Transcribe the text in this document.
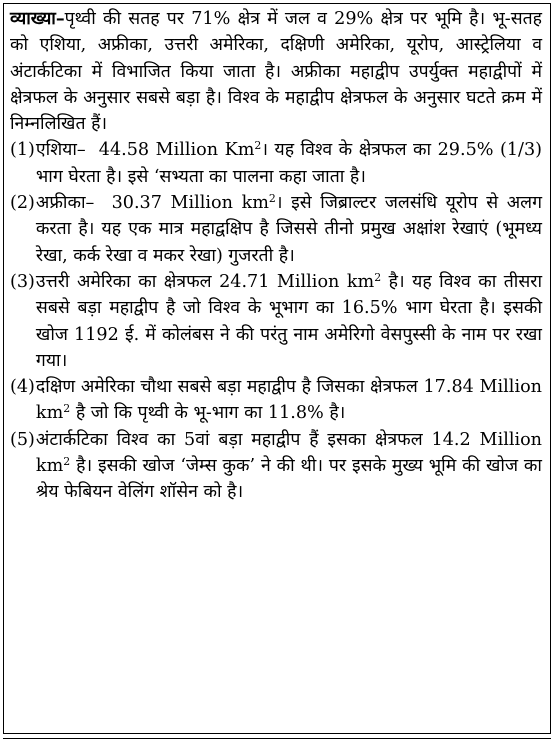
व्याख्या–पृथ्वी की सतह पर 71% क्षेत्र में जल व 29% क्षेत्र पर भूमि है। भू-सतह को एशिया, अफ्रीका, उत्तरी अमेरिका, दक्षिणी अमेरिका, यूरोप, आस्ट्रेलिया व अंटार्कटिका में विभाजित किया जाता है। अफ्रीका महाद्वीप उपर्युक्त महाद्वीपों में क्षेत्रफल के अनुसार सबसे बड़ा है। विश्व के महाद्वीप क्षेत्रफल के अनुसार घटते क्रम में निम्नलिखित हैं।
(1) एशिया– 44.58 Million Km$^2$। यह विश्व के क्षेत्रफल का 29.5% (1/3) भाग घेरता है। इसे ‘सभ्यता का पालना कहा जाता है।
(2) अफ्रीका– 30.37 Million $km^2।$ इसे जिब्राल्टर जलसंधि यूरोप से अलग करता है। यह एक मात्र महाद्वक्षिप है जिससे तीनो प्रमुख अक्षांश रेखाएं (भूमध्य रेखा, कर्क रेखा व मकर रेखा) गुजरती है।
(3) उत्तरी अमेरिका का क्षेत्रफल 24.71 Million $km^2$ है। यह विश्व का तीसरा सबसे बड़ा महाद्वीप है जो विश्व के भूभाग का 16.5% भाग घेरता है। इसकी खोज 1192 ई. में कोलंबस ने की परंतु नाम अमेरिगो वेसपुस्सी के नाम पर रखा गया।
(4) दक्षिण अमेरिका चौथा सबसे बड़ा महाद्वीप है जिसका क्षेत्रफल 17.84 Million $km^2$ है जो कि पृथ्वी के भू-भाग का 11.8% है।
(5) अंटार्कटिका विश्व का 5वां बड़ा महाद्वीप हैं इसका क्षेत्रफल 14.2 Million $km^2$ है। इसकी खोज ‘जेम्स कुक’ ने की थी। पर इसके मुख्य भूमि की खोज का श्रेय फेबियन वेलिंग शॉसेन को है।
